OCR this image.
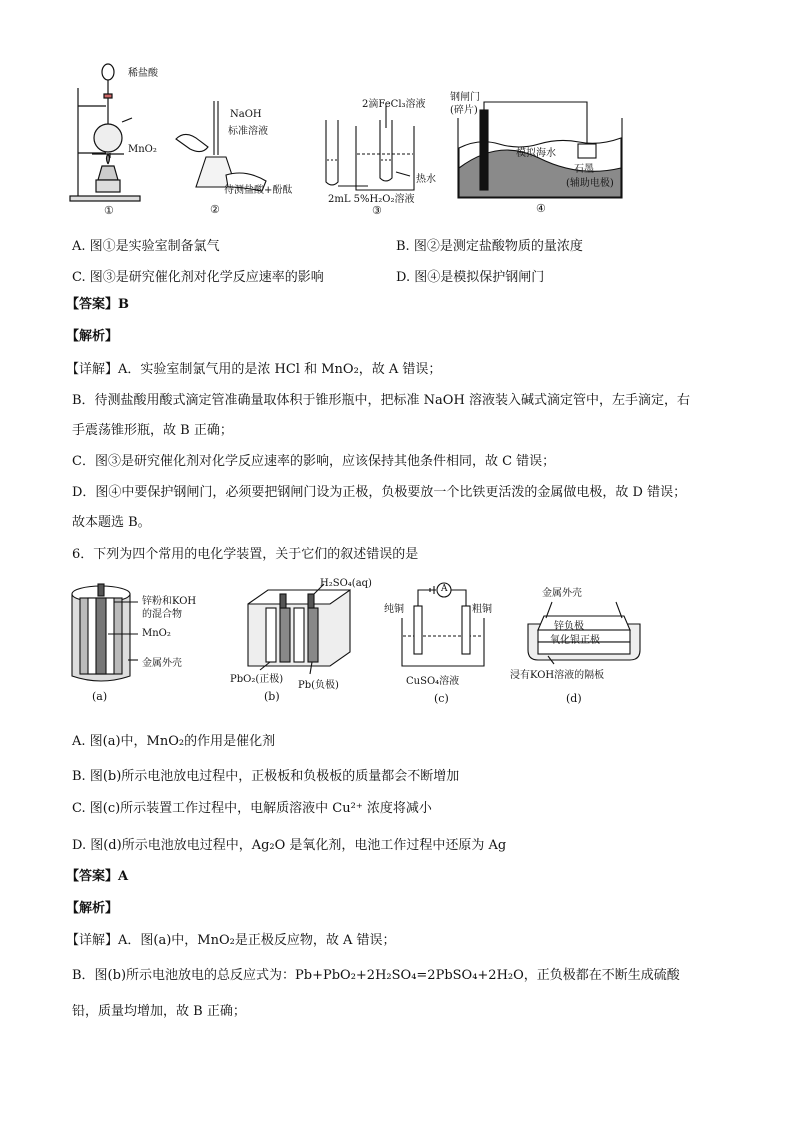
稀盐酸
MnO₂
①
NaOH
标准溶液
待测盐酸+酚酞
②
2滴FeCl₃溶液
热水
2mL 5%H₂O₂溶液
③
钢闸门
(碎片)
模拟海水
石墨
(辅助电极)
④
A. 图①是实验室制备氯气	B. 图②是测定盐酸物质的量浓度
C. 图③是研究催化剂对化学反应速率的影响	D. 图④是模拟保护钢闸门
【答案】B
【解析】
【详解】A．实验室制氯气用的是浓 HCl 和 MnO₂，故 A 错误；
B．待测盐酸用酸式滴定管准确量取体积于锥形瓶中，把标准 NaOH 溶液装入碱式滴定管中，左手滴定，右
手震荡锥形瓶，故 B 正确；
C．图③是研究催化剂对化学反应速率的影响，应该保持其他条件相同，故 C 错误；
D．图④中要保护钢闸门，必须要把钢闸门设为正极，负极要放一个比铁更活泼的金属做电极，故 D 错误；
故本题选 B。
6．下列为四个常用的电化学装置，关于它们的叙述错误的是
锌粉和KOH
的混合物
MnO₂
金属外壳
(a)
H₂SO₄(aq)
PbO₂(正极)
Pb(负极)
(b)
A
纯铜	粗铜
CuSO₄溶液
(c)
金属外壳
锌负极
氧化银正极
浸有KOH溶液的隔板
(d)
A. 图(a)中，MnO₂的作用是催化剂
B. 图(b)所示电池放电过程中，正极板和负极板的质量都会不断增加
C. 图(c)所示装置工作过程中，电解质溶液中 Cu²⁺ 浓度将减小
D. 图(d)所示电池放电过程中，Ag₂O 是氧化剂，电池工作过程中还原为 Ag
【答案】A
【解析】
【详解】A．图(a)中，MnO₂是正极反应物，故 A 错误；
B．图(b)所示电池放电的总反应式为：Pb+PbO₂+2H₂SO₄=2PbSO₄+2H₂O，正负极都在不断生成硫酸
铅，质量均增加，故 B 正确；
